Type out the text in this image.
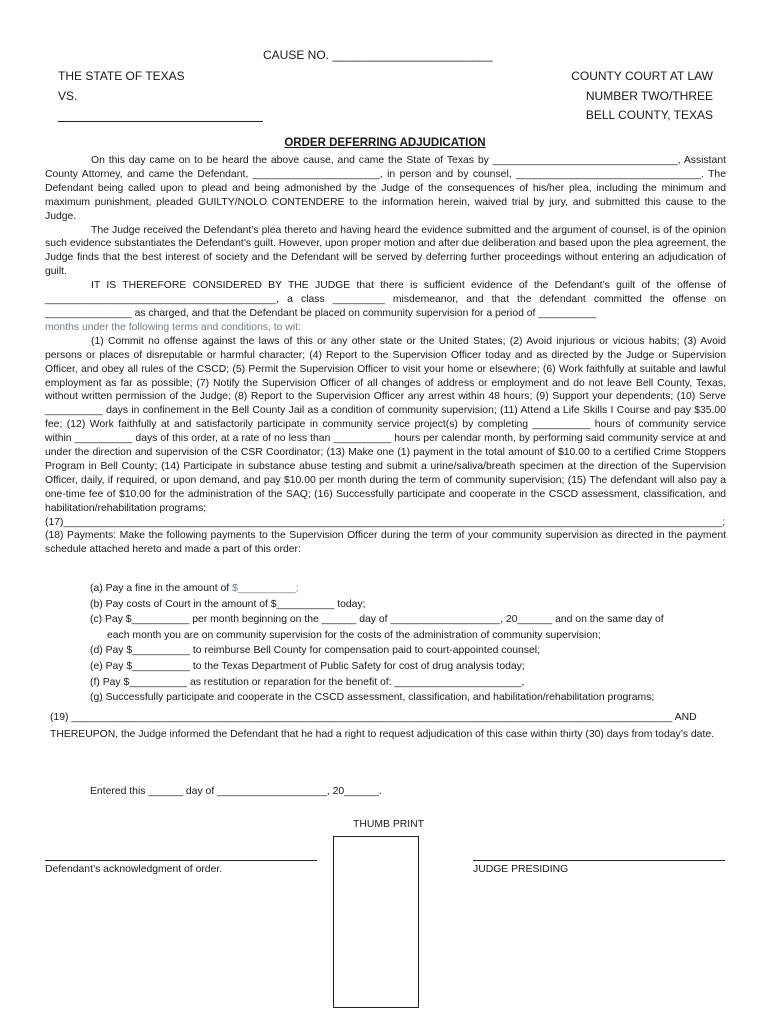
CAUSE NO. ________________________
THE STATE OF TEXAS
VS.
COUNTY COURT AT LAW
NUMBER TWO/THREE
BELL COUNTY, TEXAS
ORDER DEFERRING ADJUDICATION

On this day came on to be heard the above cause, and came the State of Texas by ________________________________, Assistant County Attorney, and came the Defendant, ______________________, in person and by counsel, ________________________________. The Defendant being called upon to plead and being admonished by the Judge of the consequences of his/her plea, including the minimum and maximum punishment, pleaded GUILTY/NOLO CONTENDERE to the information herein, waived trial by jury, and submitted this cause to the Judge.

The Judge received the Defendant’s plea thereto and having heard the evidence submitted and the argument of counsel, is of the opinion such evidence substantiates the Defendant’s guilt. However, upon proper motion and after due deliberation and based upon the plea agreement, the Judge finds that the best interest of society and the Defendant will be served by deferring further proceedings without entering an adjudication of guilt.

IT IS THEREFORE CONSIDERED BY THE JUDGE that there is sufficient evidence of the Defendant’s guilt of the offense of ________________________________________, a class _________ misdemeanor, and that the defendant committed the offense on _______________ as charged, and that the Defendant be placed on community supervision for a period of __________

months under the following terms and conditions, to wit:

(1) Commit no offense against the laws of this or any other state or the United States; (2) Avoid injurious or vicious habits; (3) Avoid persons or places of disreputable or harmful character; (4) Report to the Supervision Officer today and as directed by the Judge or Supervision Officer, and obey all rules of the CSCD; (5) Permit the Supervision Officer to visit your home or elsewhere; (6) Work faithfully at suitable and lawful employment as far as possible; (7) Notify the Supervision Officer of all changes of address or employment and do not leave Bell County, Texas, without written permission of the Judge; (8) Report to the Supervision Officer any arrest within 48 hours; (9) Support your dependents; (10) Serve __________ days in confinement in the Bell County Jail as a condition of community supervision; (11) Attend a Life Skills I Course and pay $35.00 fee; (12) Work faithfully at and satisfactorily participate in community service project(s) by completing __________ hours of community service within __________ days of this order, at a rate of no less than __________ hours per calendar month, by performing said community service at and under the direction and supervision of the CSR Coordinator; (13) Make one (1) payment in the total amount of $10.00 to a certified Crime Stoppers Program in Bell County; (14) Participate in substance abuse testing and submit a urine/saliva/breath specimen at the direction of the Supervision Officer, daily, if required, or upon demand, and pay $10.00 per month during the term of community supervision; (15) The defendant will also pay a one-time fee of $10.00 for the administration of the SAQ; (16) Successfully participate and cooperate in the CSCD assessment, classification, and habilitation/rehabilitation programs;

(17)__________________________________________________________________________________________________________________;

(18) Payments: Make the following payments to the Supervision Officer during the term of your community supervision as directed in the payment schedule attached hereto and made a part of this order:

(a) Pay a fine in the amount of $__________;
(b) Pay costs of Court in the amount of $__________ today;
(c) Pay $__________ per month beginning on the ______ day of ___________________, 20______ and on the same day of
each month you are on community supervision for the costs of the administration of community supervision;
(d) Pay $__________ to reimburse Bell County for compensation paid to court-appointed counsel;
(e) Pay $__________ to the Texas Department of Public Safety for cost of drug analysis today;
(f) Pay $__________ as restitution or reparation for the benefit of: ______________________,
(g) Successfully participate and cooperate in the CSCD assessment, classification, and habilitation/rehabilitation programs;
(19) ________________________________________________________________________________________________________ AND
THEREUPON, the Judge informed the Defendant that he had a right to request adjudication of this case within thirty (30) days from today’s date.
Entered this ______ day of ___________________, 20______.
THUMB PRINT
Defendant’s acknowledgment of order.	JUDGE PRESIDING
